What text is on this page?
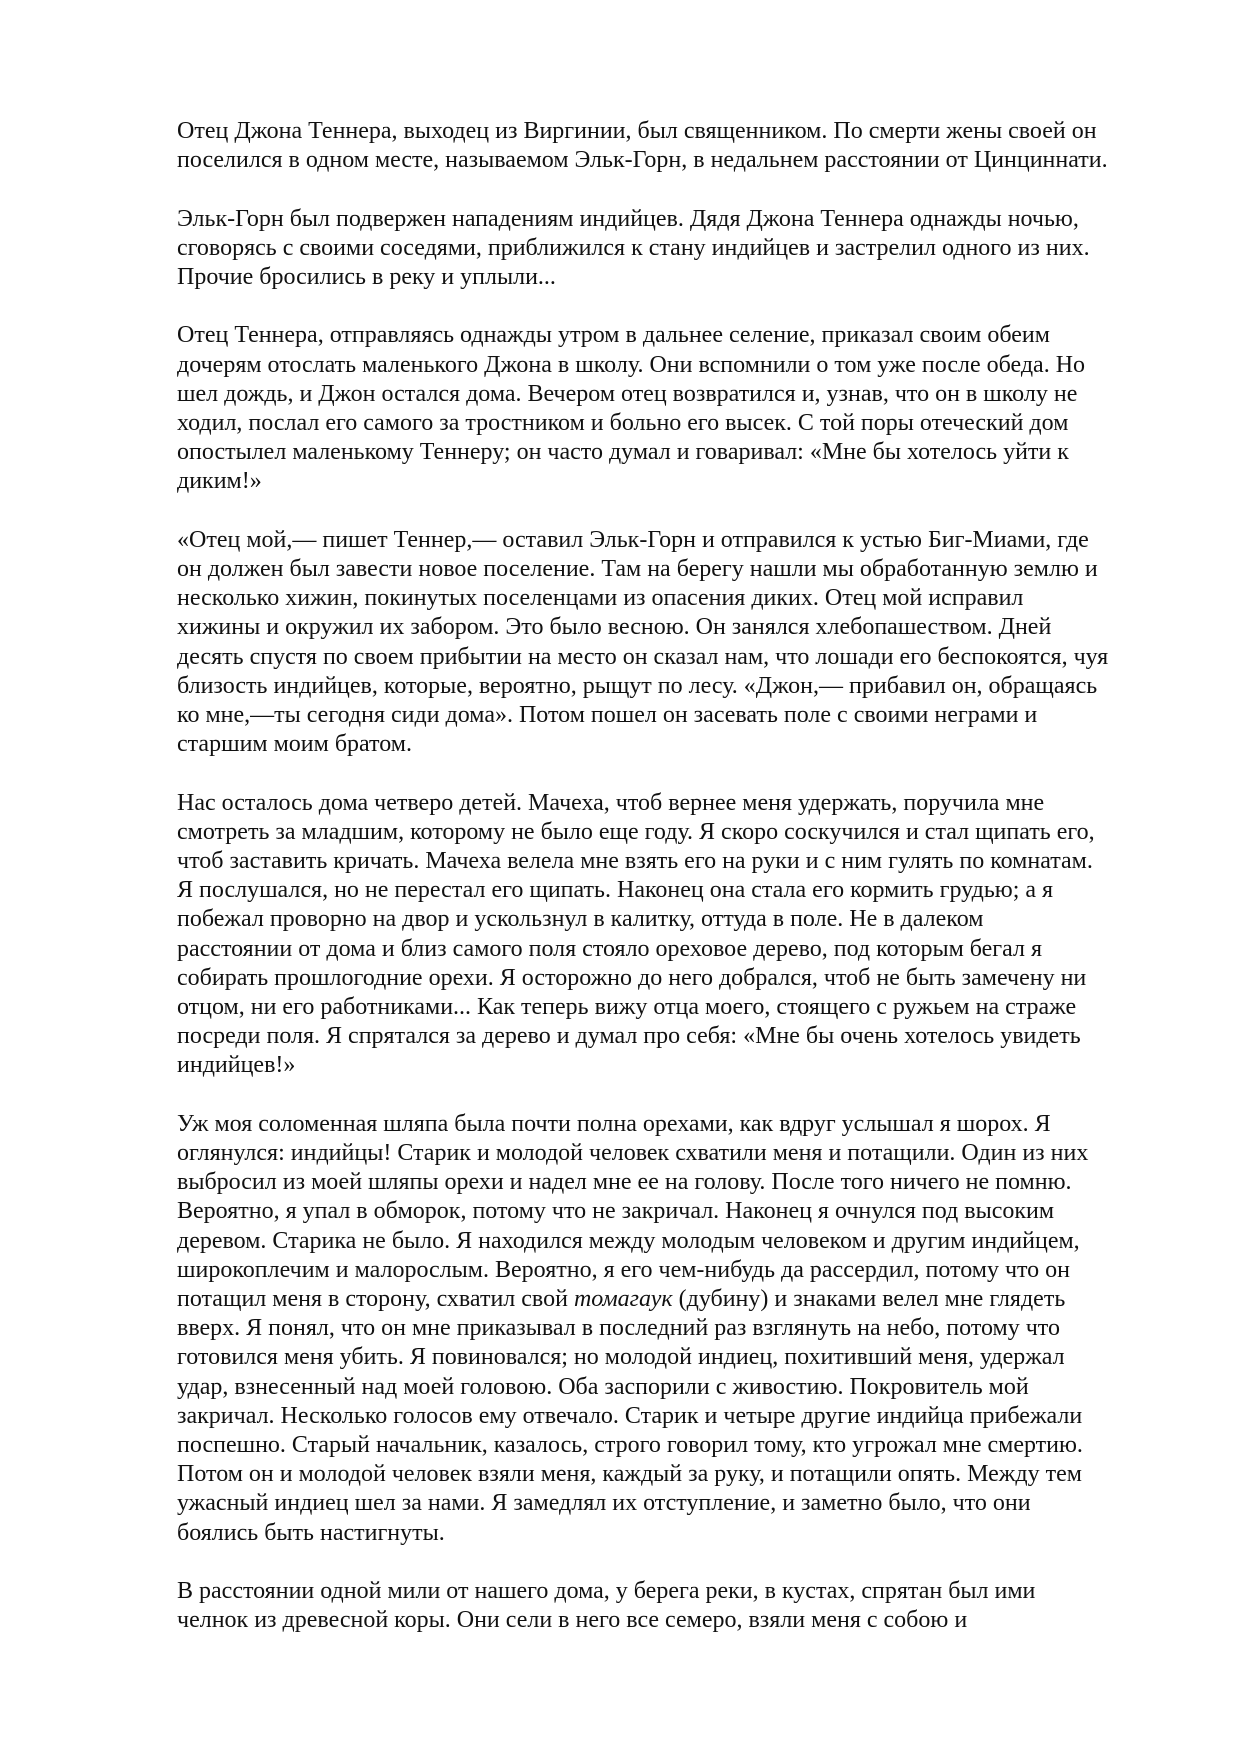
Отец Джона Теннера, выходец из Виргинии, был священником. По смерти жены своей он
поселился в одном месте, называемом Эльк-Горн, в недальнем расстоянии от Цинциннати.

Эльк-Горн был подвержен нападениям индийцев. Дядя Джона Теннера однажды ночью,
сговорясь с своими соседями, приближился к стану индийцев и застрелил одного из них.
Прочие бросились в реку и уплыли...

Отец Теннера, отправляясь однажды утром в дальнее селение, приказал своим обеим
дочерям отослать маленького Джона в школу. Они вспомнили о том уже после обеда. Но
шел дождь, и Джон остался дома. Вечером отец возвратился и, узнав, что он в школу не
ходил, послал его самого за тростником и больно его высек. С той поры отеческий дом
опостылел маленькому Теннеру; он часто думал и говаривал: «Мне бы хотелось уйти к
диким!»

«Отец мой,— пишет Теннер,— оставил Эльк-Горн и отправился к устью Биг-Миами, где
он должен был завести новое поселение. Там на берегу нашли мы обработанную землю и
несколько хижин, покинутых поселенцами из опасения диких. Отец мой исправил
хижины и окружил их забором. Это было весною. Он занялся хлебопашеством. Дней
десять спустя по своем прибытии на место он сказал нам, что лошади его беспокоятся, чуя
близость индийцев, которые, вероятно, рыщут по лесу. «Джон,— прибавил он, обращаясь
ко мне,—ты сегодня сиди дома». Потом пошел он засевать поле с своими неграми и
старшим моим братом.

Нас осталось дома четверо детей. Мачеха, чтоб вернее меня удержать, поручила мне
смотреть за младшим, которому не было еще году. Я скоро соскучился и стал щипать его,
чтоб заставить кричать. Мачеха велела мне взять его на руки и с ним гулять по комнатам.
Я послушался, но не перестал его щипать. Наконец она стала его кормить грудью; а я
побежал проворно на двор и ускользнул в калитку, оттуда в поле. Не в далеком
расстоянии от дома и близ самого поля стояло ореховое дерево, под которым бегал я
собирать прошлогодние орехи. Я осторожно до него добрался, чтоб не быть замечену ни
отцом, ни его работниками... Как теперь вижу отца моего, стоящего с ружьем на страже
посреди поля. Я спрятался за дерево и думал про себя: «Мне бы очень хотелось увидеть
индийцев!»

Уж моя соломенная шляпа была почти полна орехами, как вдруг услышал я шорох. Я
оглянулся: индийцы! Старик и молодой человек схватили меня и потащили. Один из них
выбросил из моей шляпы орехи и надел мне ее на голову. После того ничего не помню.
Вероятно, я упал в обморок, потому что не закричал. Наконец я очнулся под высоким
деревом. Старика не было. Я находился между молодым человеком и другим индийцем,
широкоплечим и малорослым. Вероятно, я его чем-нибудь да рассердил, потому что он
потащил меня в сторону, схватил свой томагаук (дубину) и знаками велел мне глядеть
вверх. Я понял, что он мне приказывал в последний раз взглянуть на небо, потому что
готовился меня убить. Я повиновался; но молодой индиец, похитивший меня, удержал
удар, взнесенный над моей головою. Оба заспорили с живостию. Покровитель мой
закричал. Несколько голосов ему отвечало. Старик и четыре другие индийца прибежали
поспешно. Старый начальник, казалось, строго говорил тому, кто угрожал мне смертию.
Потом он и молодой человек взяли меня, каждый за руку, и потащили опять. Между тем
ужасный индиец шел за нами. Я замедлял их отступление, и заметно было, что они
боялись быть настигнуты.

В расстоянии одной мили от нашего дома, у берега реки, в кустах, спрятан был ими
челнок из древесной коры. Они сели в него все семеро, взяли меня с собою и
